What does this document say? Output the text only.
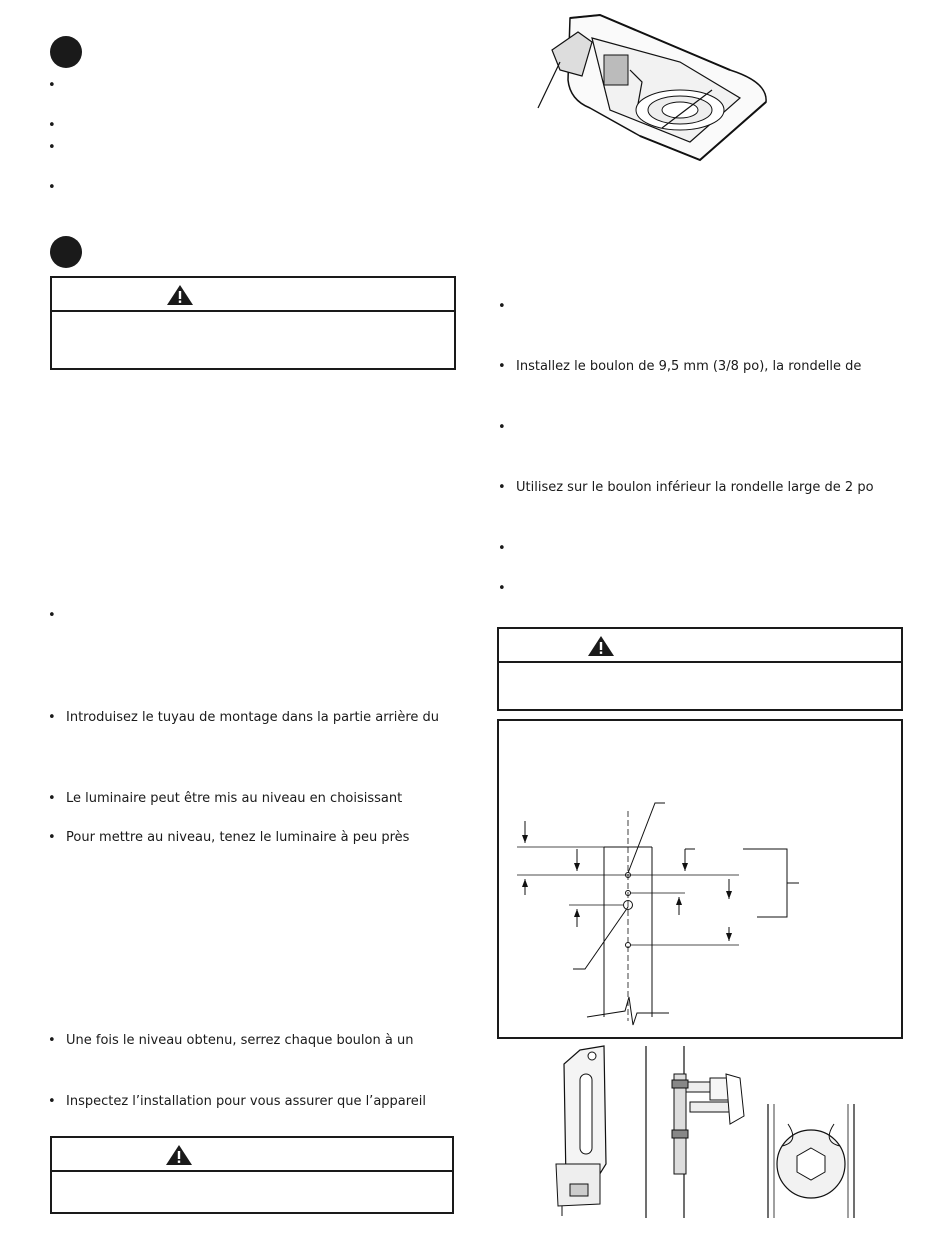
•
•
•
•
•
• Introduisez le tuyau de montage dans la partie arrière du
• Le luminaire peut être mis au niveau en choisissant
• Pour mettre au niveau, tenez le luminaire à peu près
• Une fois le niveau obtenu, serrez chaque boulon à un
• Inspectez l’installation pour vous assurer que l’appareil
•
• Installez le boulon de 9,5 mm (3/8 po), la rondelle de
•
• Utilisez sur le boulon inférieur la rondelle large de 2 po
•
•
